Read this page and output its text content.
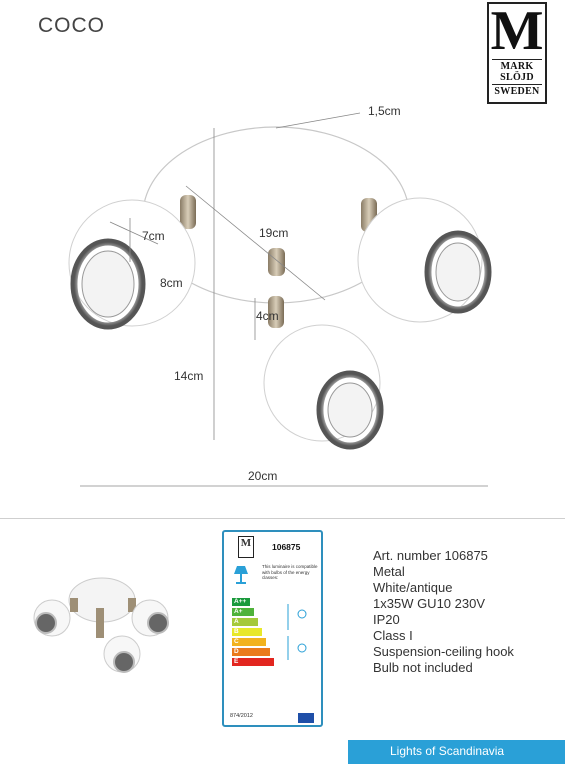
COCO	M
MARK
SLÖJD
SWEDEN
1,5cm
7cm	19cm
8cm
4cm
14cm
20cm
M	106875
This luminaire is compatible with bulbs of the energy classes:
A++
A+
A
B
C
D
E
874/2012
Art. number 106875
Metal
White/antique
1x35W GU10 230V
IP20
Class I
Suspension-ceiling hook
Bulb not included
Lights of Scandinavia
